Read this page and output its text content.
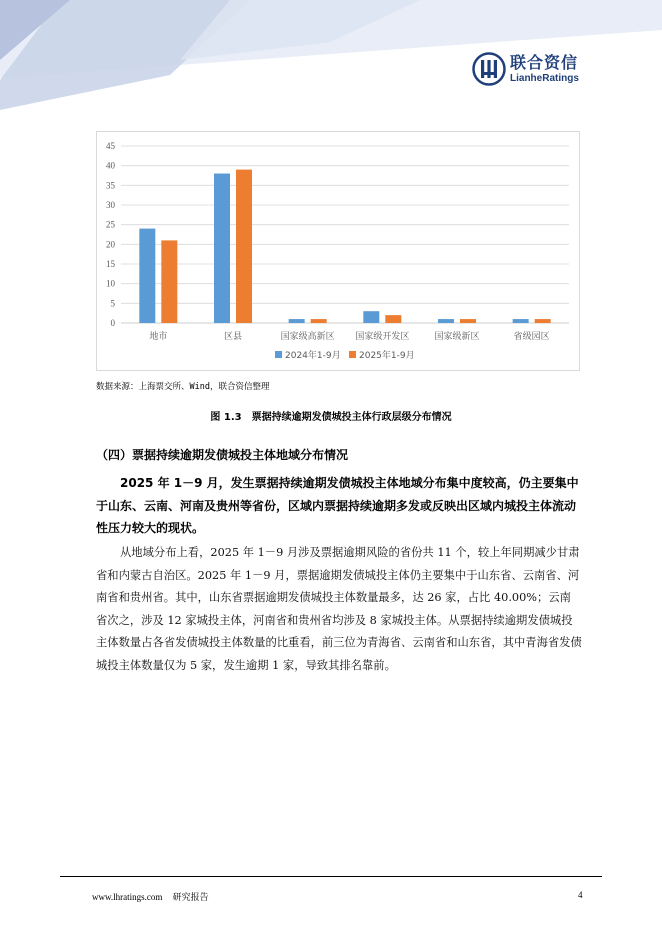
联合资信
LianheRatings
0
5
10
15
20
25
30
35
40
45
地市	区县	国家级高新区 国家级开发区	国家级新区	省级园区
2024年1-9月 2025年1-9月
数据来源：上海票交所、Wind，联合资信整理
图 1.3　票据持续逾期发债城投主体行政层级分布情况
（四）票据持续逾期发债城投主体地域分布情况

2025 年 1－9 月，发生票据持续逾期发债城投主体地域分布集中度较高，仍主要集中于山东、云南、河南及贵州等省份，区域内票据持续逾期多发或反映出区域内城投主体流动性压力较大的现状。

从地域分布上看，2025 年 1－9 月涉及票据逾期风险的省份共 11 个，较上年同期减少甘肃省和内蒙古自治区。2025 年 1－9 月，票据逾期发债城投主体仍主要集中于山东省、云南省、河南省和贵州省。其中，山东省票据逾期发债城投主体数量最多，达 26 家，占比 40.00%；云南省次之，涉及 12 家城投主体，河南省和贵州省均涉及 8 家城投主体。从票据持续逾期发债城投主体数量占各省发债城投主体数量的比重看，前三位为青海省、云南省和山东省，其中青海省发债城投主体数量仅为 5 家，发生逾期 1 家，导致其排名靠前。

www.lhratings.com 研究报告	4
